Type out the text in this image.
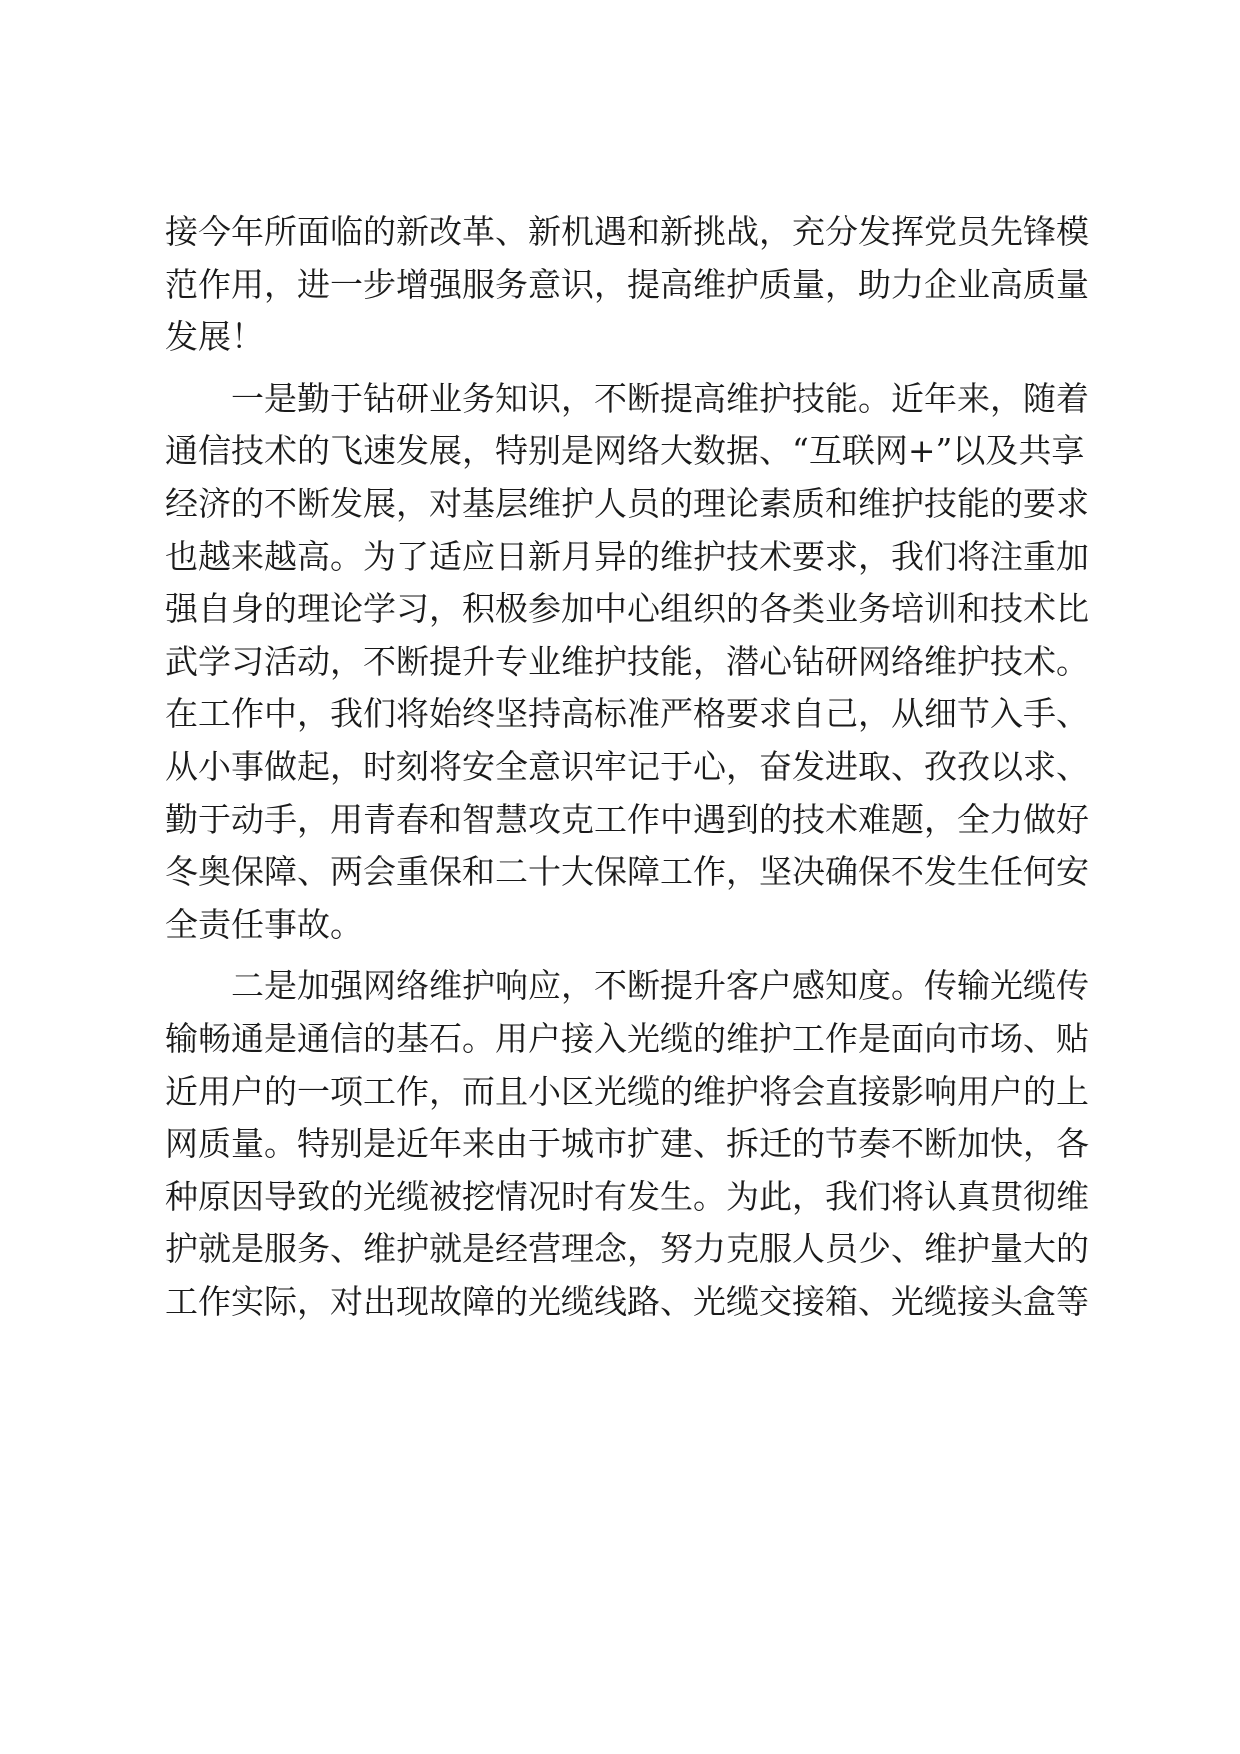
接今年所面临的新改革、新机遇和新挑战，充分发挥党员先锋模
范作用，进一步增强服务意识，提高维护质量，助力企业高质量
发展！
一是勤于钻研业务知识，不断提高维护技能。近年来，随着
通信技术的飞速发展，特别是网络大数据、“互联网+”以及共享
经济的不断发展，对基层维护人员的理论素质和维护技能的要求
也越来越高。为了适应日新月异的维护技术要求，我们将注重加
强自身的理论学习，积极参加中心组织的各类业务培训和技术比
武学习活动，不断提升专业维护技能，潜心钻研网络维护技术。
在工作中，我们将始终坚持高标准严格要求自己，从细节入手、
从小事做起，时刻将安全意识牢记于心，奋发进取、孜孜以求、
勤于动手，用青春和智慧攻克工作中遇到的技术难题，全力做好
冬奥保障、两会重保和二十大保障工作，坚决确保不发生任何安
全责任事故。
二是加强网络维护响应，不断提升客户感知度。传输光缆传
输畅通是通信的基石。用户接入光缆的维护工作是面向市场、贴
近用户的一项工作，而且小区光缆的维护将会直接影响用户的上
网质量。特别是近年来由于城市扩建、拆迁的节奏不断加快，各
种原因导致的光缆被挖情况时有发生。为此，我们将认真贯彻维
护就是服务、维护就是经营理念，努力克服人员少、维护量大的
工作实际，对出现故障的光缆线路、光缆交接箱、光缆接头盒等
